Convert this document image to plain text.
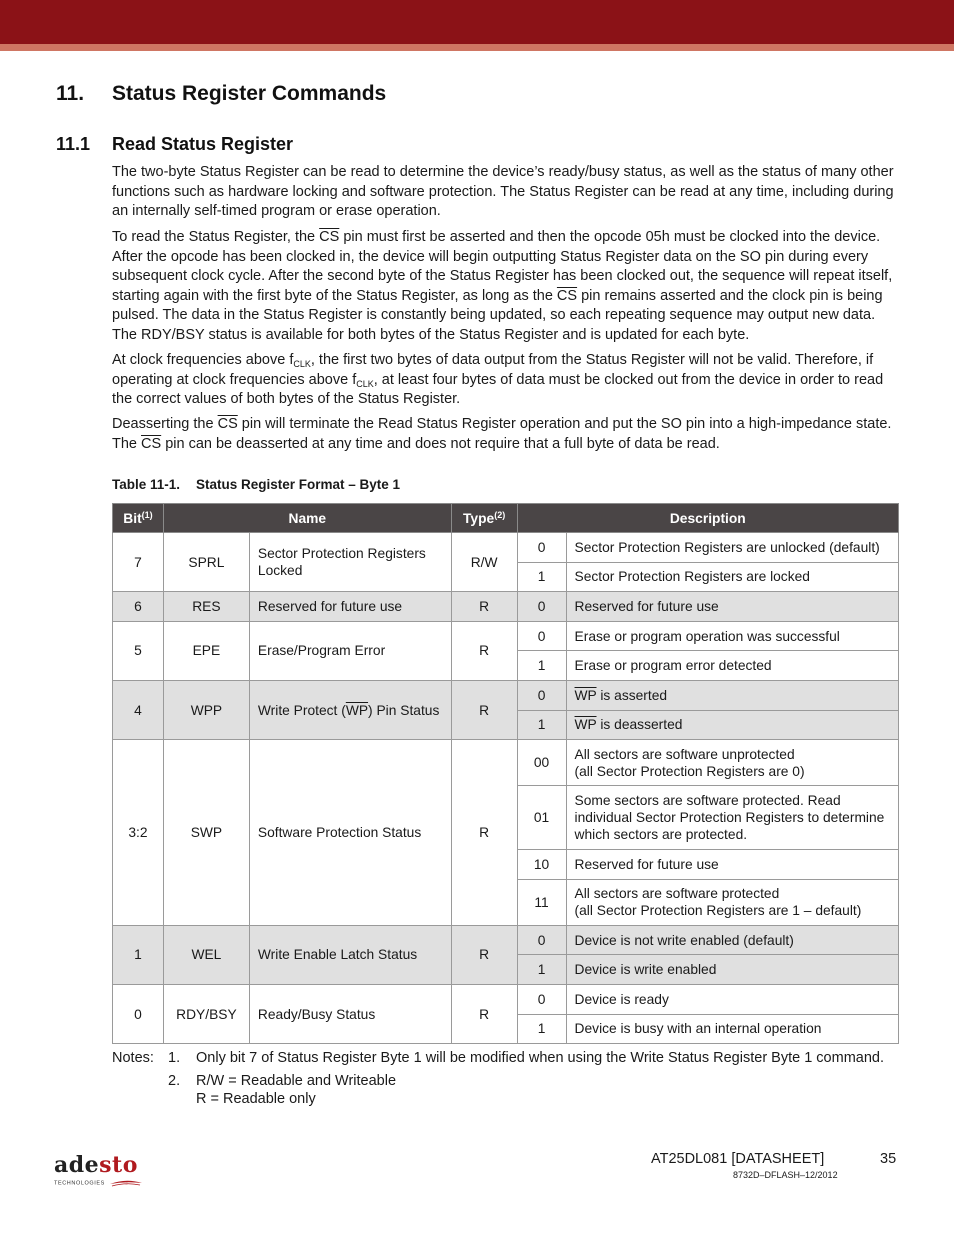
11. Status Register Commands
11.1 Read Status Register
The two-byte Status Register can be read to determine the device’s ready/busy status, as well as the status of many other functions such as hardware locking and software protection. The Status Register can be read at any time, including during an internally self-timed program or erase operation.
To read the Status Register, the $\overline{CS}$ pin must first be asserted and then the opcode 05h must be clocked into the device. After the opcode has been clocked in, the device will begin outputting Status Register data on the SO pin during every subsequent clock cycle. After the second byte of the Status Register has been clocked out, the sequence will repeat itself, starting again with the first byte of the Status Register, as long as the $\overline{CS}$ pin remains asserted and the clock pin is being pulsed. The data in the Status Register is constantly being updated, so each repeating sequence may output new data. The RDY/BSY status is available for both bytes of the Status Register and is updated for each byte.
At clock frequencies above $f_{CLK}$, the first two bytes of data output from the Status Register will not be valid. Therefore, if operating at clock frequencies above $f_{CLK}$, at least four bytes of data must be clocked out from the device in order to read the correct values of both bytes of the Status Register.
Deasserting the $\overline{CS}$ pin will terminate the Read Status Register operation and put the SO pin into a high-impedance state. The $\overline{CS}$ pin can be deasserted at any time and does not require that a full byte of data be read.
Table 11-1. Status Register Format – Byte 1
Bit$^{(1)}$	Name		Type$^{(2)}$	Description	
7	SPRL	Sector Protection Registers Locked	R/W	0	Sector Protection Registers are unlocked (default)
				1	Sector Protection Registers are locked
6	RES	Reserved for future use	R	0	Reserved for future use
5	EPE	Erase/Program Error	R	0	Erase or program operation was successful
				1	Erase or program error detected
4	WPP	Write Protect $(\overline{WP})$ Pin Status	R	0	$\overline{WP}$ is asserted
				1	$\overline{WP}$ is deasserted
3:2	SWP	Software Protection Status	R	00	All sectors are software unprotected
(all Sector Protection Registers are 0)

				01	Some sectors are software protected. Read individual Sector Protection Registers to determine which sectors are protected.
				10	Reserved for future use
				11	All sectors are software protected
(all Sector Protection Registers are 1 – default)

1	WEL	Write Enable Latch Status	R	0	Device is not write enabled (default)
				1	Device is write enabled
0	RDY/BSY	Ready/Busy Status	R	0	Device is ready
				1	Device is busy with an internal operation
Notes: 1.	Only bit 7 of Status Register Byte 1 will be modified when using the Write Status Register Byte 1 command.
2.	R/W = Readable and Writeable
R = Readable only
adesto
TECHNOLOGIES
AT25DL081 [DATASHEET]	35
8732D–DFLASH–12/2012
